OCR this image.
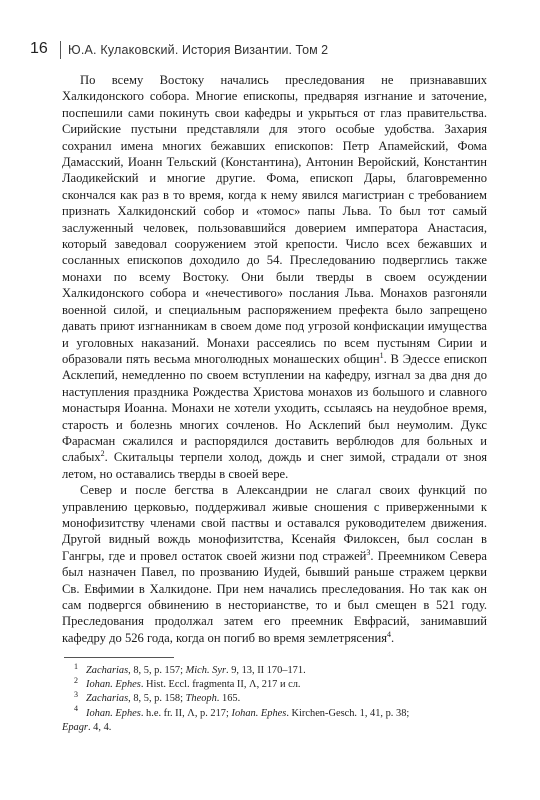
16 Ю.А. Кулаковский. История Византии. Том 2

По всему Востоку начались преследования не признававших Халкидонского собора. Многие епископы, предваряя изгнание и заточение, поспешили сами покинуть свои кафедры и укрыться от глаз правительства. Сирийские пустыни представляли для этого особые удобства. Захария сохранил имена многих бежавших епископов: Петр Апамейский, Фома Дамасский, Иоанн Тельский (Константина), Антонин Веройский, Константин Лаодикейский и многие другие. Фома, епископ Дары, благовременно скончался как раз в то время, когда к нему явился магистриан с требованием признать Халкидонский собор и «томос» папы Льва. То был тот самый заслуженный человек, пользовавшийся доверием императора Анастасия, который заведовал сооружением этой крепости. Число всех бежавших и сосланных епископов доходило до 54. Преследованию подверглись также монахи по всему Востоку. Они были тверды в своем осуждении Халкидонского собора и «нечестивого» послания Льва. Монахов разгоняли военной силой, и специальным распоряжением префекта было запрещено давать приют изгнанникам в своем доме под угрозой конфискации имущества и уголовных наказаний. Монахи рассеялись по всем пустыням Сирии и образовали пять весьма многолюдных монашеских общин$^1$. В Эдессе епископ Асклепий, немедленно по своем вступлении на кафедру, изгнал за два дня до наступления праздника Рождества Христова монахов из большого и славного монастыря Иоанна. Монахи не хотели уходить, ссылаясь на неудобное время, старость и болезнь многих сочленов. Но Асклепий был неумолим. Дукс Фарасман сжалился и распорядился доставить верблюдов для больных и слабых$^2$. Скитальцы терпели холод, дождь и снег зимой, страдали от зноя летом, но оставались тверды в своей вере.

Север и после бегства в Александрии не слагал своих функций по управлению церковью, поддерживал живые сношения с приверженными к монофизитству членами свой паствы и оставался руководителем движения. Другой видный вождь монофизитства, Ксенайя Филоксен, был сослан в Гангры, где и провел остаток своей жизни под стражей$^3$. Преемником Севера был назначен Павел, по прозванию Иудей, бывший раньше стражем церкви Св. Евфимии в Халкидоне. При нем начались преследования. Но так как он сам подвергся обвинению в несторианстве, то и был смещен в 521 году. Преследования продолжал затем его преемник Евфрасий, занимавший кафедру до 526 года, когда он погиб во время землетрясения$^4$.

1 Zacharias, 8, 5, p. 157; Mich. Syr. 9, 13, II 170–171.

2 Iohan. Ephes. Hist. Eccl. fragmenta II, Λ, 217 и сл.

3 Zacharias, 8, 5, p. 158; Theoph. 165.

4 Iohan. Ephes. h.e. fr. II, Λ, p. 217; Iohan. Ephes. Kirchen-Gesch. 1, 41, p. 38;
Epagr. 4, 4.
